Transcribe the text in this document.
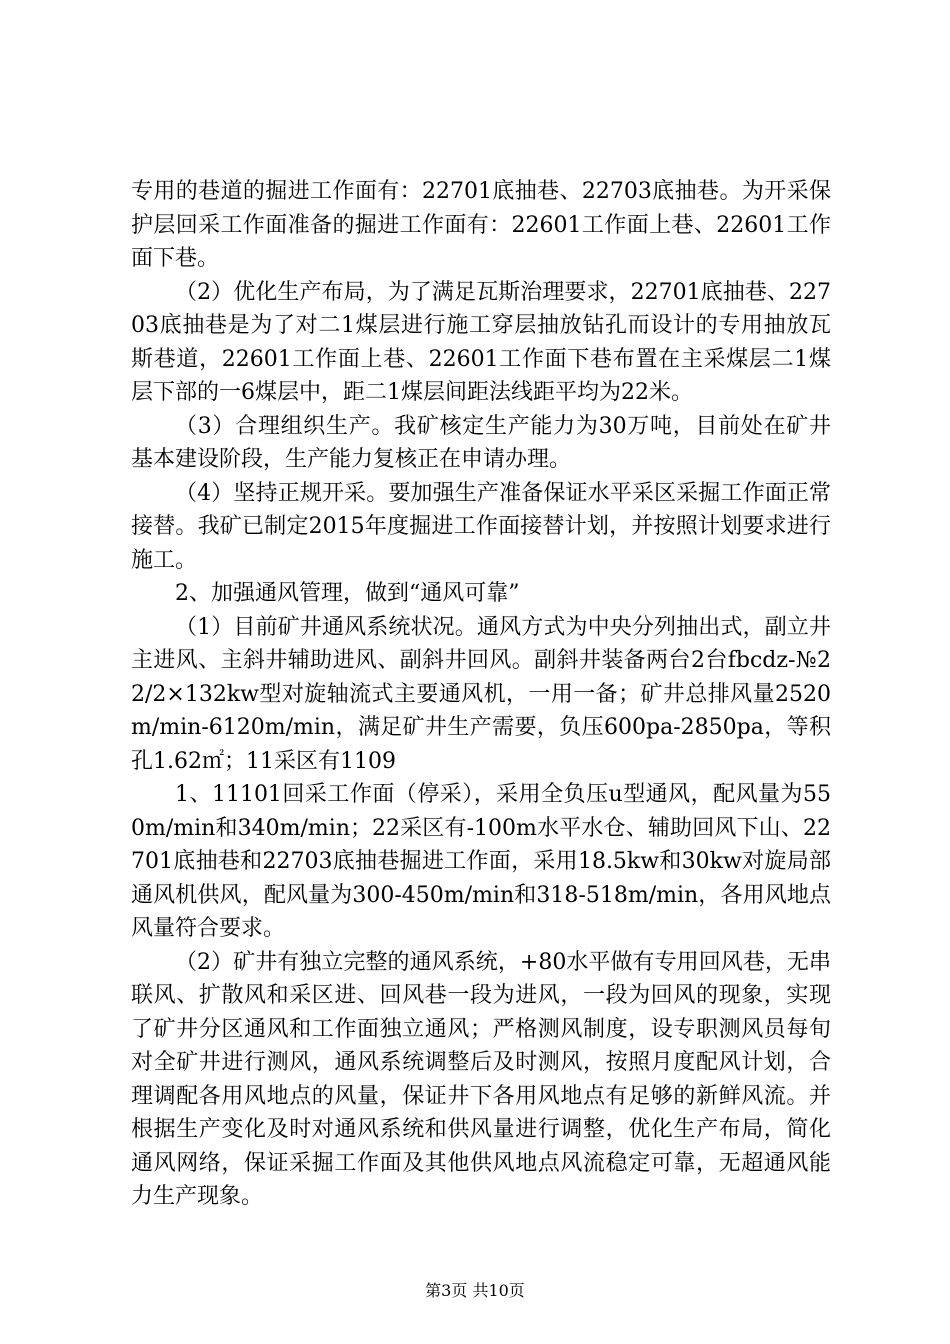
专用的巷道的掘进工作面有：22701底抽巷、22703底抽巷。为开采保护层回采工作面准备的掘进工作面有：22601工作面上巷、22601工作面下巷。

（2）优化生产布局，为了满足瓦斯治理要求，22701底抽巷、22703底抽巷是为了对二1煤层进行施工穿层抽放钻孔而设计的专用抽放瓦斯巷道，22601工作面上巷、22601工作面下巷布置在主采煤层二1煤层下部的一6煤层中，距二1煤层间距法线距平均为22米。

（3）合理组织生产。我矿核定生产能力为30万吨，目前处在矿井基本建设阶段，生产能力复核正在申请办理。

（4）坚持正规开采。要加强生产准备保证水平采区采掘工作面正常接替。我矿已制定2015年度掘进工作面接替计划，并按照计划要求进行施工。

2、加强通风管理，做到“通风可靠”

（1）目前矿井通风系统状况。通风方式为中央分列抽出式，副立井主进风、主斜井辅助进风、副斜井回风。副斜井装备两台2台fbcdz-№22/2×132kw型对旋轴流式主要通风机，一用一备；矿井总排风量2520m/min-6120m/min，满足矿井生产需要，负压600pa-2850pa，等积孔1.62㎡；11采区有1109

1、11101回采工作面（停采），采用全负压u型通风，配风量为550m/min和340m/min；22采区有-100m水平水仓、辅助回风下山、22701底抽巷和22703底抽巷掘进工作面，采用18.5kw和30kw对旋局部通风机供风，配风量为300-450m/min和318-518m/min，各用风地点风量符合要求。

（2）矿井有独立完整的通风系统，+80水平做有专用回风巷，无串联风、扩散风和采区进、回风巷一段为进风，一段为回风的现象，实现了矿井分区通风和工作面独立通风；严格测风制度，设专职测风员每旬对全矿井进行测风，通风系统调整后及时测风，按照月度配风计划，合理调配各用风地点的风量，保证井下各用风地点有足够的新鲜风流。并根据生产变化及时对通风系统和供风量进行调整，优化生产布局，简化通风网络，保证采掘工作面及其他供风地点风流稳定可靠，无超通风能力生产现象。

第3页 共10页
